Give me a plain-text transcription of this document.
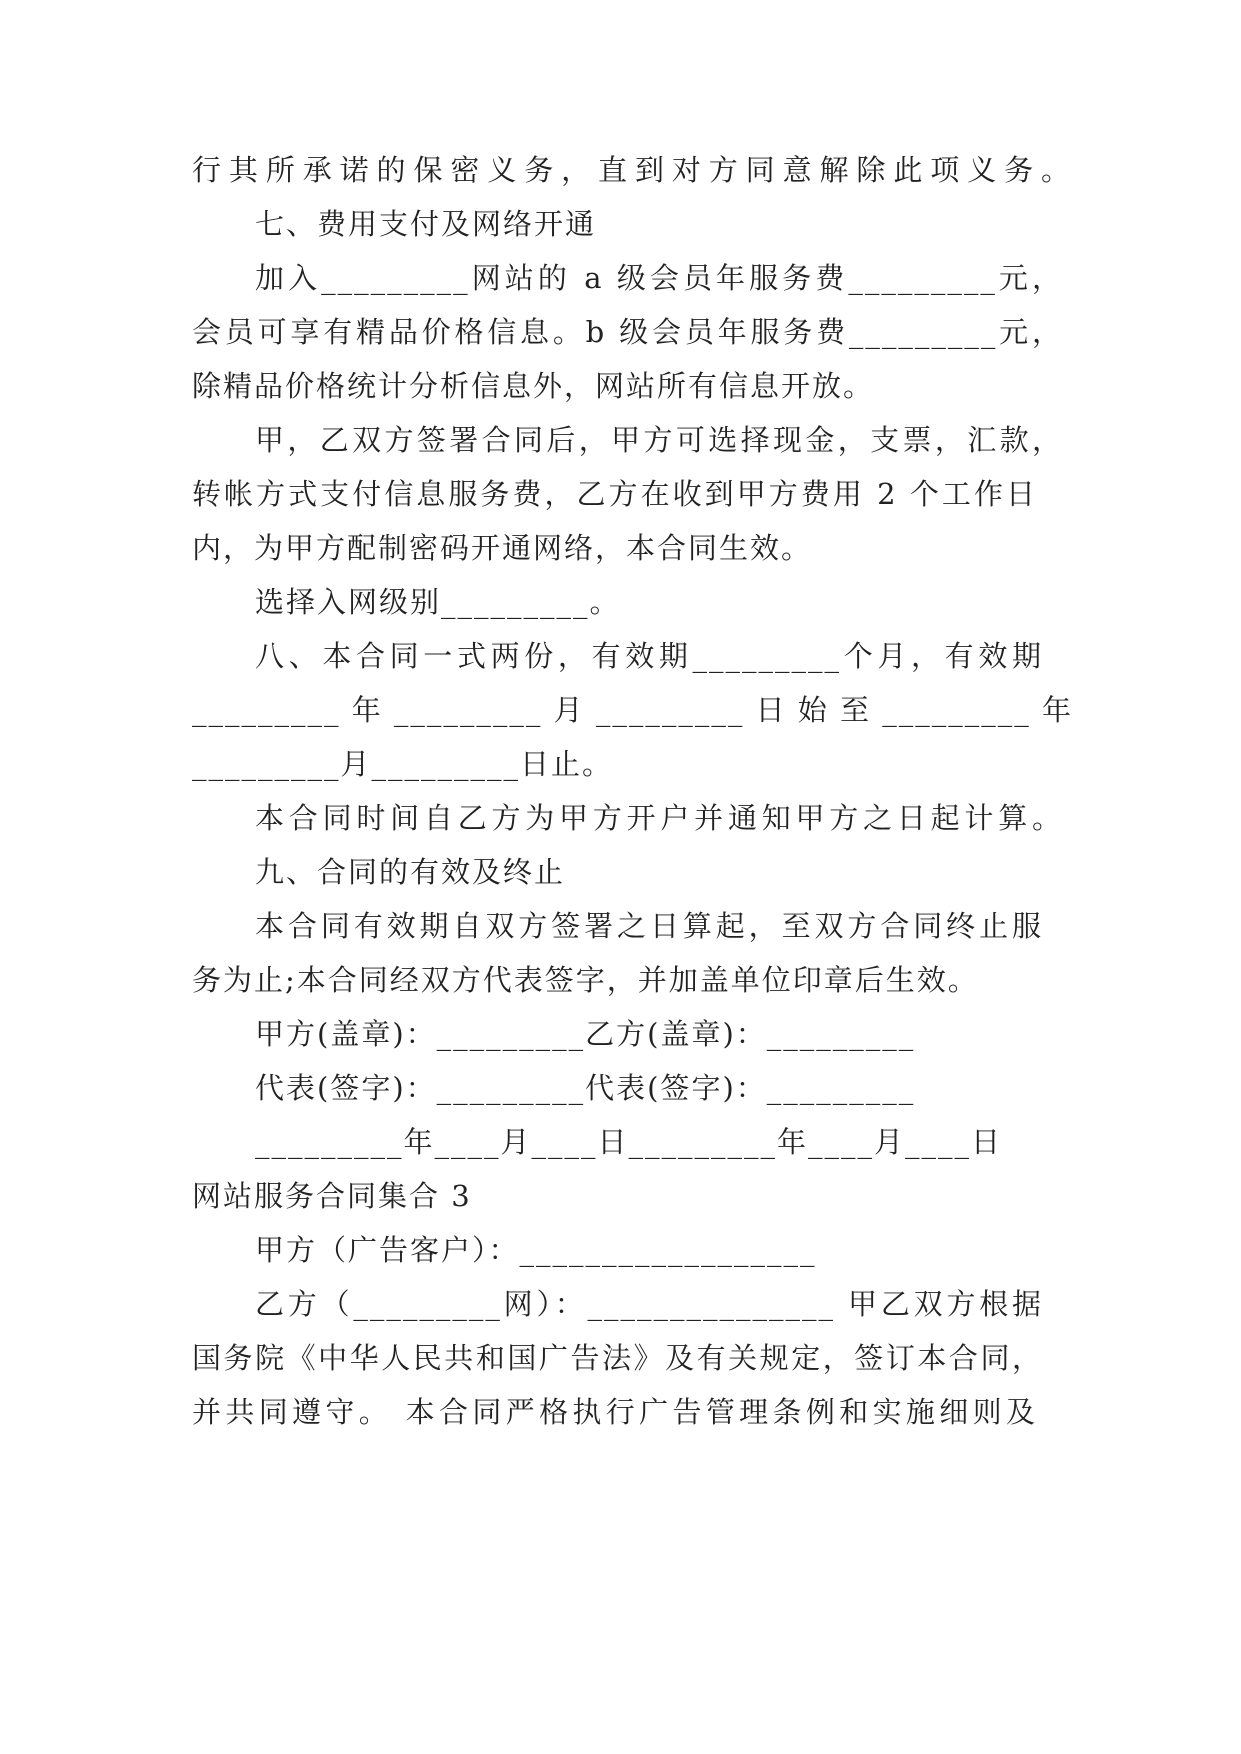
行其所承诺的保密义务，直到对方同意解除此项义务。
七、费用支付及网络开通
加入_________网站的 a 级会员年服务费_________元，
会员可享有精品价格信息。b 级会员年服务费_________元，
除精品价格统计分析信息外，网站所有信息开放。
甲，乙双方签署合同后，甲方可选择现金，支票，汇款，
转帐方式支付信息服务费，乙方在收到甲方费用 2 个工作日
内，为甲方配制密码开通网络，本合同生效。
选择入网级别_________。
八、本合同一式两份，有效期_________个月，有效期
_________ 年 _________ 月 _________ 日 始 至 _________ 年
_________月_________日止。
本合同时间自乙方为甲方开户并通知甲方之日起计算。
九、合同的有效及终止
本合同有效期自双方签署之日算起，至双方合同终止服
务为止;本合同经双方代表签字，并加盖单位印章后生效。
甲方(盖章)：_________乙方(盖章)：_________
代表(签字)：_________代表(签字)：_________
_________年____月____日_________年____月____日
网站服务合同集合 3
甲方（广告客户）：__________________
乙方（_________网）：_______________ 甲乙双方根据
国务院《中华人民共和国广告法》及有关规定，签订本合同，
并共同遵守。 本合同严格执行广告管理条例和实施细则及
